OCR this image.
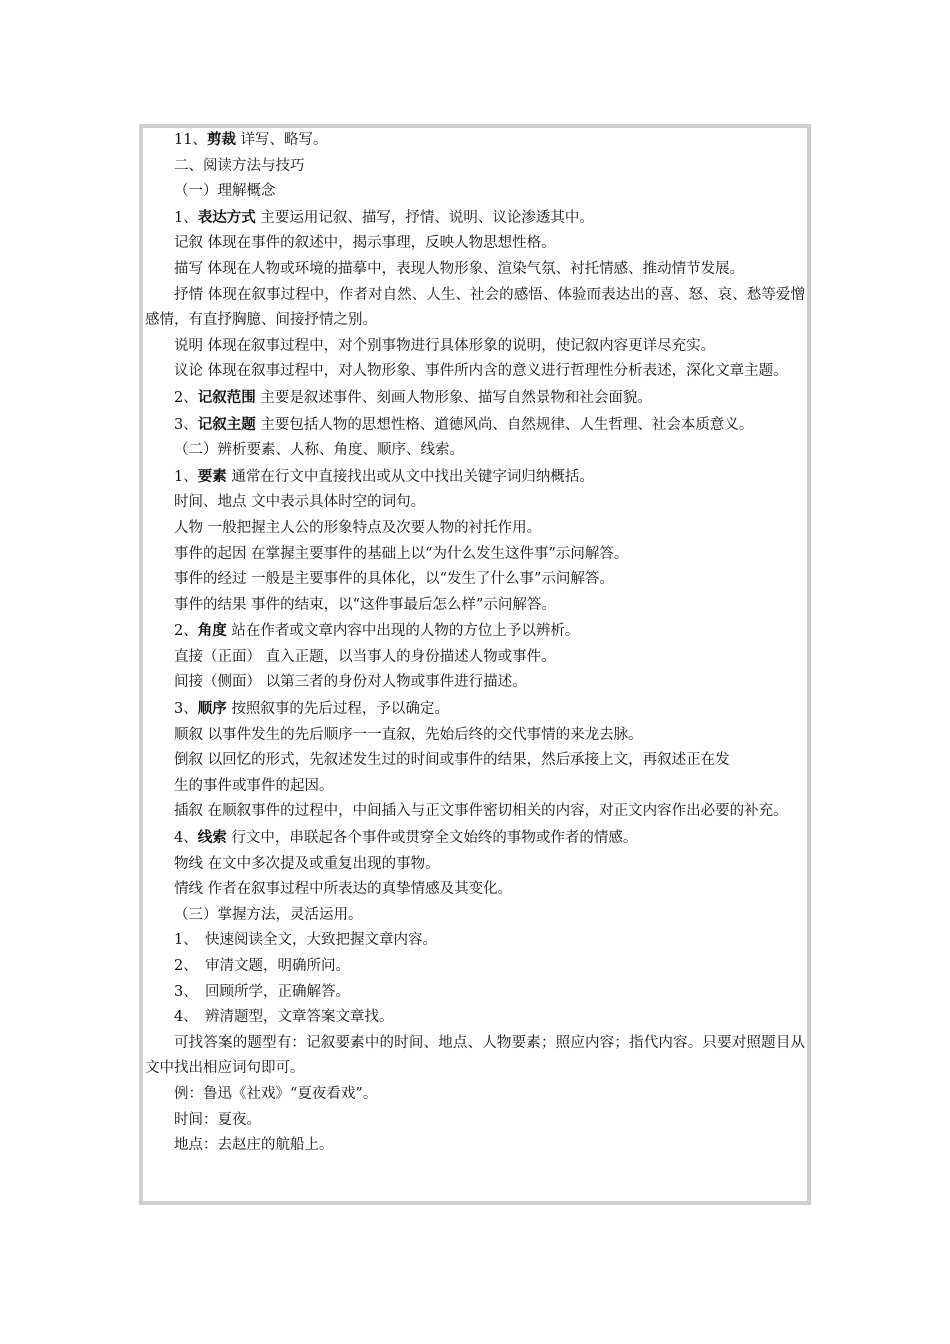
11、剪裁 详写、略写。

二、阅读方法与技巧

（一）理解概念

1、表达方式 主要运用记叙、描写，抒情、说明、议论渗透其中。

记叙 体现在事件的叙述中，揭示事理，反映人物思想性格。

描写 体现在人物或环境的描摹中，表现人物形象、渲染气氛、衬托情感、推动情节发展。

抒情 体现在叙事过程中，作者对自然、人生、社会的感悟、体验而表达出的喜、怒、哀、愁等爱憎感情，有直抒胸臆、间接抒情之别。

说明 体现在叙事过程中，对个别事物进行具体形象的说明，使记叙内容更详尽充实。

议论 体现在叙事过程中，对人物形象、事件所内含的意义进行哲理性分析表述，深化文章主题。

2、记叙范围 主要是叙述事件、刻画人物形象、描写自然景物和社会面貌。

3、记叙主题 主要包括人物的思想性格、道德风尚、自然规律、人生哲理、社会本质意义。

（二）辨析要素、人称、角度、顺序、线索。

1、要素 通常在行文中直接找出或从文中找出关键字词归纳概括。

时间、地点 文中表示具体时空的词句。

人物 一般把握主人公的形象特点及次要人物的衬托作用。

事件的起因 在掌握主要事件的基础上以“为什么发生这件事”示问解答。

事件的经过 一般是主要事件的具体化，以“发生了什么事”示问解答。

事件的结果 事件的结束，以“这件事最后怎么样”示问解答。

2、角度 站在作者或文章内容中出现的人物的方位上予以辨析。

直接（正面） 直入正题，以当事人的身份描述人物或事件。

间接（侧面） 以第三者的身份对人物或事件进行描述。

3、顺序 按照叙事的先后过程，予以确定。

顺叙 以事件发生的先后顺序一一直叙，先始后终的交代事情的来龙去脉。

倒叙 以回忆的形式，先叙述发生过的时间或事件的结果，然后承接上文，再叙述正在发

生的事件或事件的起因。

插叙 在顺叙事件的过程中，中间插入与正文事件密切相关的内容，对正文内容作出必要的补充。

4、线索 行文中，串联起各个事件或贯穿全文始终的事物或作者的情感。

物线 在文中多次提及或重复出现的事物。

情线 作者在叙事过程中所表达的真挚情感及其变化。

（三）掌握方法，灵活运用。

1、　快速阅读全文，大致把握文章内容。

2、　审清文题，明确所问。

3、　回顾所学，正确解答。

4、　辨清题型，文章答案文章找。

可找答案的题型有：记叙要素中的时间、地点、人物要素；照应内容；指代内容。只要对照题目从文中找出相应词句即可。

例：鲁迅《社戏》“夏夜看戏”。

时间：夏夜。

地点：去赵庄的航船上。
